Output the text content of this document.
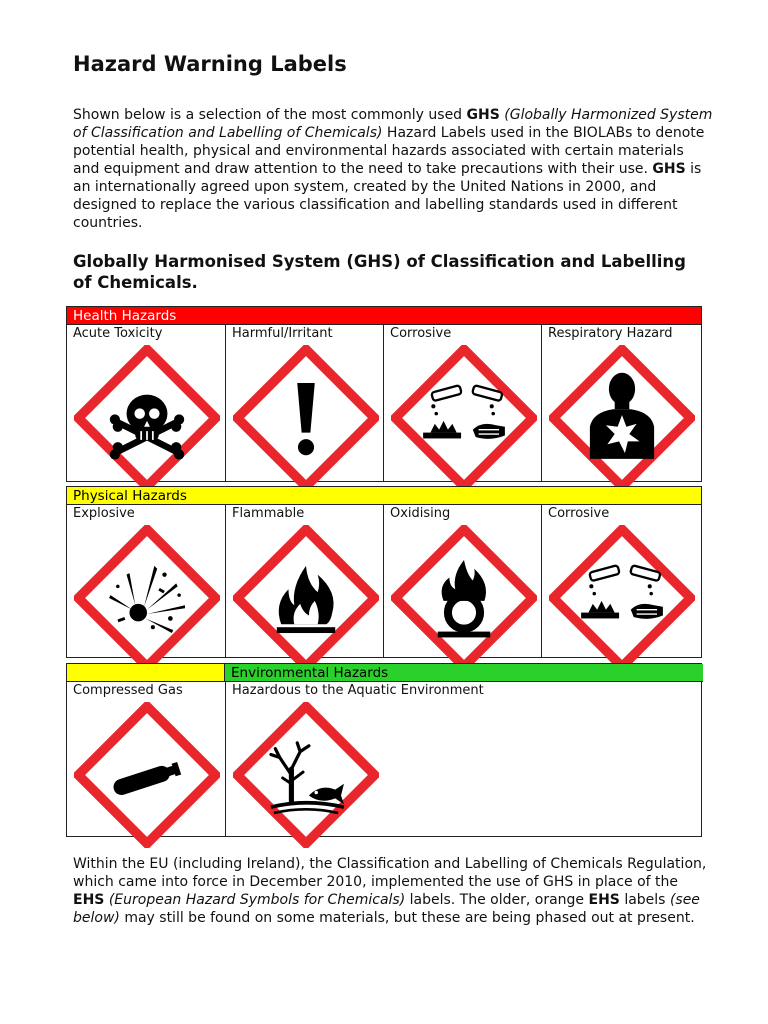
Hazard Warning Labels

Shown below is a selection of the most commonly used GHS (Globally Harmonized System of Classification and Labelling of Chemicals) Hazard Labels used in the BIOLABs to denote potential health, physical and environmental hazards associated with certain materials and equipment and draw attention to the need to take precautions with their use. GHS is an internationally agreed upon system, created by the United Nations in 2000, and designed to replace the various classification and labelling standards used in different countries.

Globally Harmonised System (GHS) of Classification and Labelling of Chemicals.
Health Hazards
Acute Toxicity	Harmful/Irritant	Corrosive	Respiratory Hazard
Physical Hazards
Explosive	Flammable	Oxidising	Corrosive
Environmental Hazards
Compressed Gas	Hazardous to the Aquatic Environment

Within the EU (including Ireland), the Classification and Labelling of Chemicals Regulation, which came into force in December 2010, implemented the use of GHS in place of the EHS (European Hazard Symbols for Chemicals) labels. The older, orange EHS labels (see below) may still be found on some materials, but these are being phased out at present.
